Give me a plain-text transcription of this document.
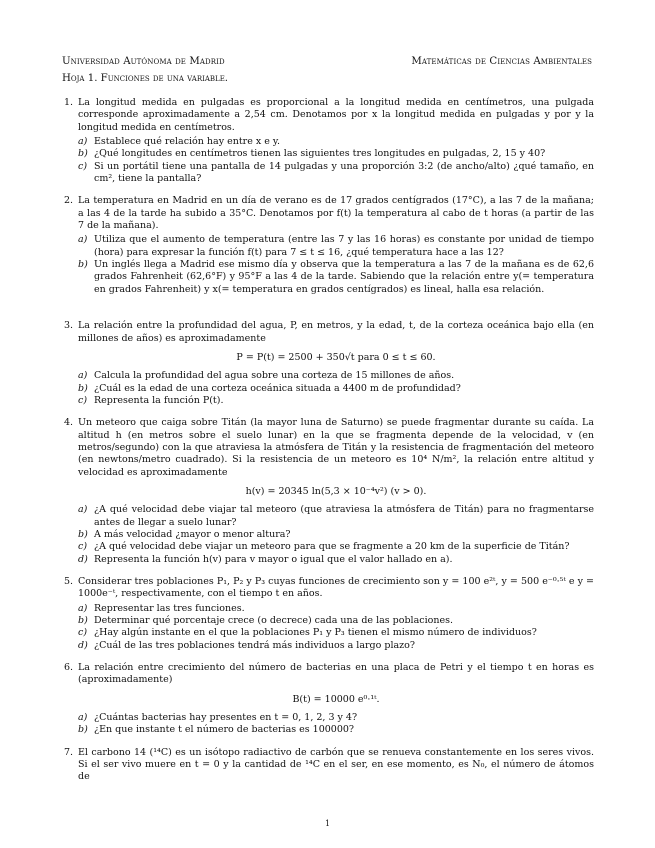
Universidad Autónoma de Madrid	Matemáticas de Ciencias Ambientales
Hoja 1. Funciones de una variable.
1. La longitud medida en pulgadas es proporcional a la longitud medida en centímetros, una pulgada corresponde aproximadamente a 2,54 cm. Denotamos por x la longitud medida en pulgadas y por y la longitud medida en centímetros.
a) Establece qué relación hay entre x e y.
b) ¿Qué longitudes en centímetros tienen las siguientes tres longitudes en pulgadas, 2, 15 y 40?
c) Si un portátil tiene una pantalla de 14 pulgadas y una proporción 3:2 (de ancho/alto) ¿qué tamaño, en cm², tiene la pantalla?
2. La temperatura en Madrid en un día de verano es de 17 grados centígrados (17°C), a las 7 de la mañana; a las 4 de la tarde ha subido a 35°C. Denotamos por f(t) la temperatura al cabo de t horas (a partir de las 7 de la mañana).
a) Utiliza que el aumento de temperatura (entre las 7 y las 16 horas) es constante por unidad de tiempo (hora) para expresar la función f(t) para 7 ≤ t ≤ 16, ¿qué temperatura hace a las 12?
b) Un inglés llega a Madrid ese mismo día y observa que la temperatura a las 7 de la mañana es de 62,6 grados Fahrenheit (62,6°F) y 95°F a las 4 de la tarde. Sabiendo que la relación entre y(= temperatura en grados Fahrenheit) y x(= temperatura en grados centígrados) es lineal, halla esa relación.
3. La relación entre la profundidad del agua, P, en metros, y la edad, t, de la corteza oceánica bajo ella (en millones de años) es aproximadamente
P = P(t) = 2500 + 350√t para 0 ≤ t ≤ 60.
a) Calcula la profundidad del agua sobre una corteza de 15 millones de años.
b) ¿Cuál es la edad de una corteza oceánica situada a 4400 m de profundidad?
c) Representa la función P(t).
4. Un meteoro que caiga sobre Titán (la mayor luna de Saturno) se puede fragmentar durante su caída. La altitud h (en metros sobre el suelo lunar) en la que se fragmenta depende de la velocidad, v (en metros/segundo) con la que atraviesa la atmósfera de Titán y la resistencia de fragmentación del meteoro (en newtons/metro cuadrado). Si la resistencia de un meteoro es 10⁴ N/m², la relación entre altitud y velocidad es aproximadamente
h(v) = 20345 ln(5,3 × 10⁻⁴v²) (v > 0).
a) ¿A qué velocidad debe viajar tal meteoro (que atraviesa la atmósfera de Titán) para no fragmentarse antes de llegar a suelo lunar?
b) A más velocidad ¿mayor o menor altura?
c) ¿A qué velocidad debe viajar un meteoro para que se fragmente a 20 km de la superficie de Titán?
d) Representa la función h(v) para v mayor o igual que el valor hallado en a).
5. Considerar tres poblaciones P₁, P₂ y P₃ cuyas funciones de crecimiento son y = 100 e²ᵗ, y = 500 e⁻⁰·⁵ᵗ e y = 1000e⁻ᵗ, respectivamente, con el tiempo t en años.
a) Representar las tres funciones.
b) Determinar qué porcentaje crece (o decrece) cada una de las poblaciones.
c) ¿Hay algún instante en el que la poblaciones P₁ y P₃ tienen el mismo número de individuos?
d) ¿Cuál de las tres poblaciones tendrá más individuos a largo plazo?
6. La relación entre crecimiento del número de bacterias en una placa de Petri y el tiempo t en horas es (aproximadamente)
B(t) = 10000 e⁰·¹ᵗ.
a) ¿Cuántas bacterias hay presentes en t = 0, 1, 2, 3 y 4?
b) ¿En que instante t el número de bacterias es 100000?
7. El carbono 14 (¹⁴C) es un isótopo radiactivo de carbón que se renueva constantemente en los seres vivos. Si el ser vivo muere en t = 0 y la cantidad de ¹⁴C en el ser, en ese momento, es N₀, el número de átomos de
1
